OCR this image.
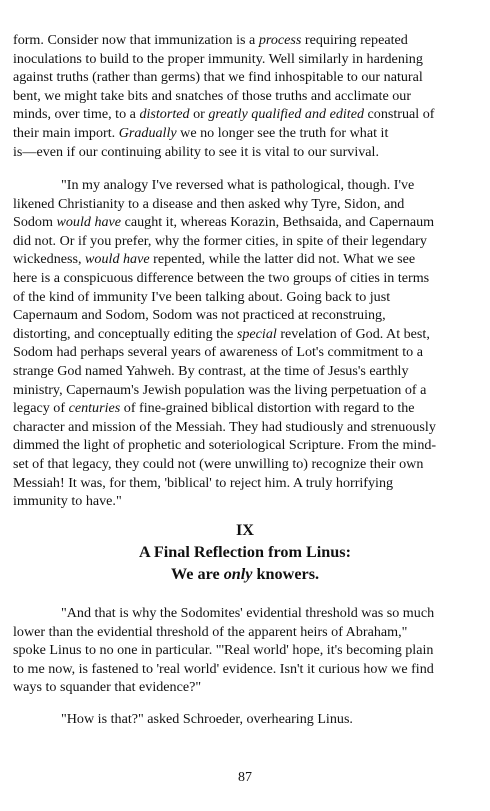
form. Consider now that immunization is a process requiring repeated
inoculations to build to the proper immunity. Well similarly in hardening
against truths (rather than germs) that we find inhospitable to our natural
bent, we might take bits and snatches of those truths and acclimate our
minds, over time, to a distorted or greatly qualified and edited construal of
their main import. Gradually we no longer see the truth for what it
is—even if our continuing ability to see it is vital to our survival.
"In my analogy I've reversed what is pathological, though. I've
likened Christianity to a disease and then asked why Tyre, Sidon, and
Sodom would have caught it, whereas Korazin, Bethsaida, and Capernaum
did not. Or if you prefer, why the former cities, in spite of their legendary
wickedness, would have repented, while the latter did not. What we see
here is a conspicuous difference between the two groups of cities in terms
of the kind of immunity I've been talking about. Going back to just
Capernaum and Sodom, Sodom was not practiced at reconstruing,
distorting, and conceptually editing the special revelation of God. At best,
Sodom had perhaps several years of awareness of Lot's commitment to a
strange God named Yahweh. By contrast, at the time of Jesus's earthly
ministry, Capernaum's Jewish population was the living perpetuation of a
legacy of centuries of fine-grained biblical distortion with regard to the
character and mission of the Messiah. They had studiously and strenuously
dimmed the light of prophetic and soteriological Scripture. From the mind-
set of that legacy, they could not (were unwilling to) recognize their own
Messiah! It was, for them, 'biblical' to reject him. A truly horrifying
immunity to have."
IX
A Final Reflection from Linus:
We are only knowers.
"And that is why the Sodomites' evidential threshold was so much
lower than the evidential threshold of the apparent heirs of Abraham,"
spoke Linus to no one in particular. "'Real world' hope, it's becoming plain
to me now, is fastened to 'real world' evidence. Isn't it curious how we find
ways to squander that evidence?"
"How is that?" asked Schroeder, overhearing Linus.
87
